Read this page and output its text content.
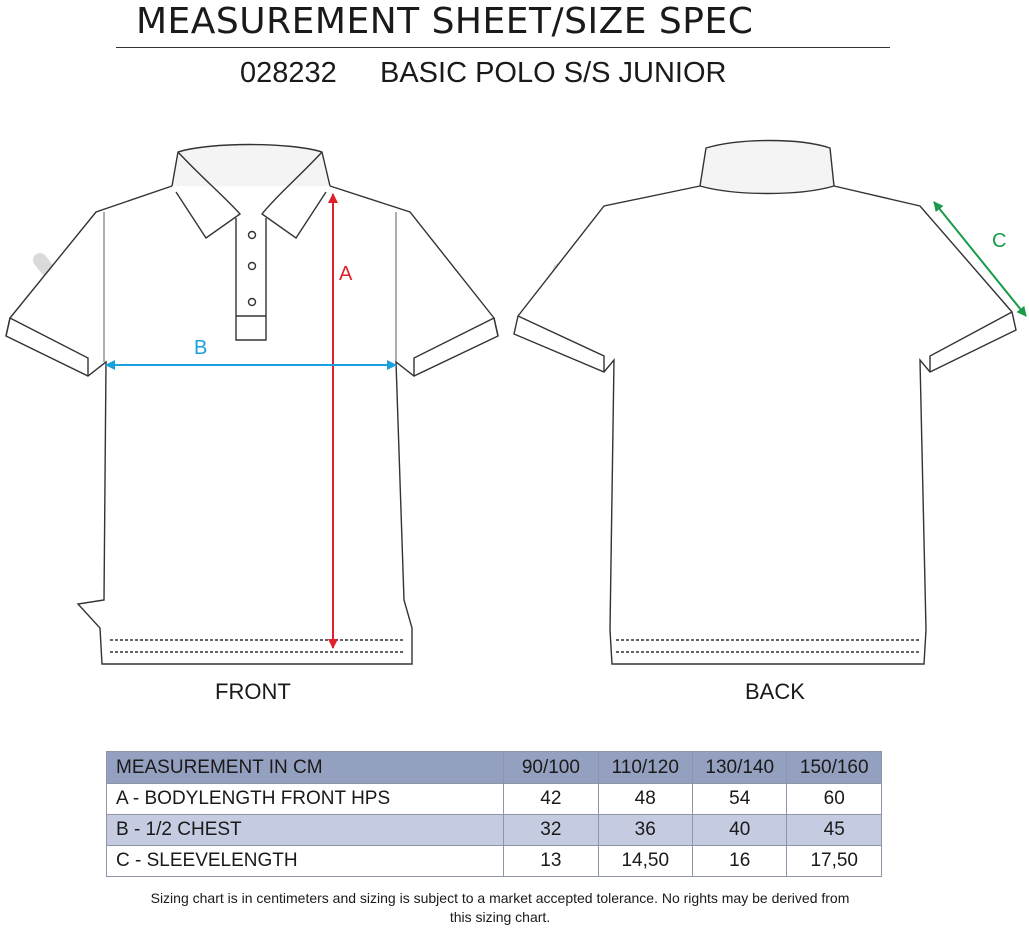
MEASUREMENT SHEET/SIZE SPEC
028232 BASIC POLO S/S JUNIOR
A
B
C
FRONT	BACK
MEASUREMENT IN CM	90/100	110/120	130/140	150/160
A - BODYLENGTH FRONT HPS	42	48	54	60
B - 1/2 CHEST	32	36	40	45
C - SLEEVELENGTH	13	14,50	16	17,50
Sizing chart is in centimeters and sizing is subject to a market accepted tolerance. No rights may be derived from this sizing chart.
